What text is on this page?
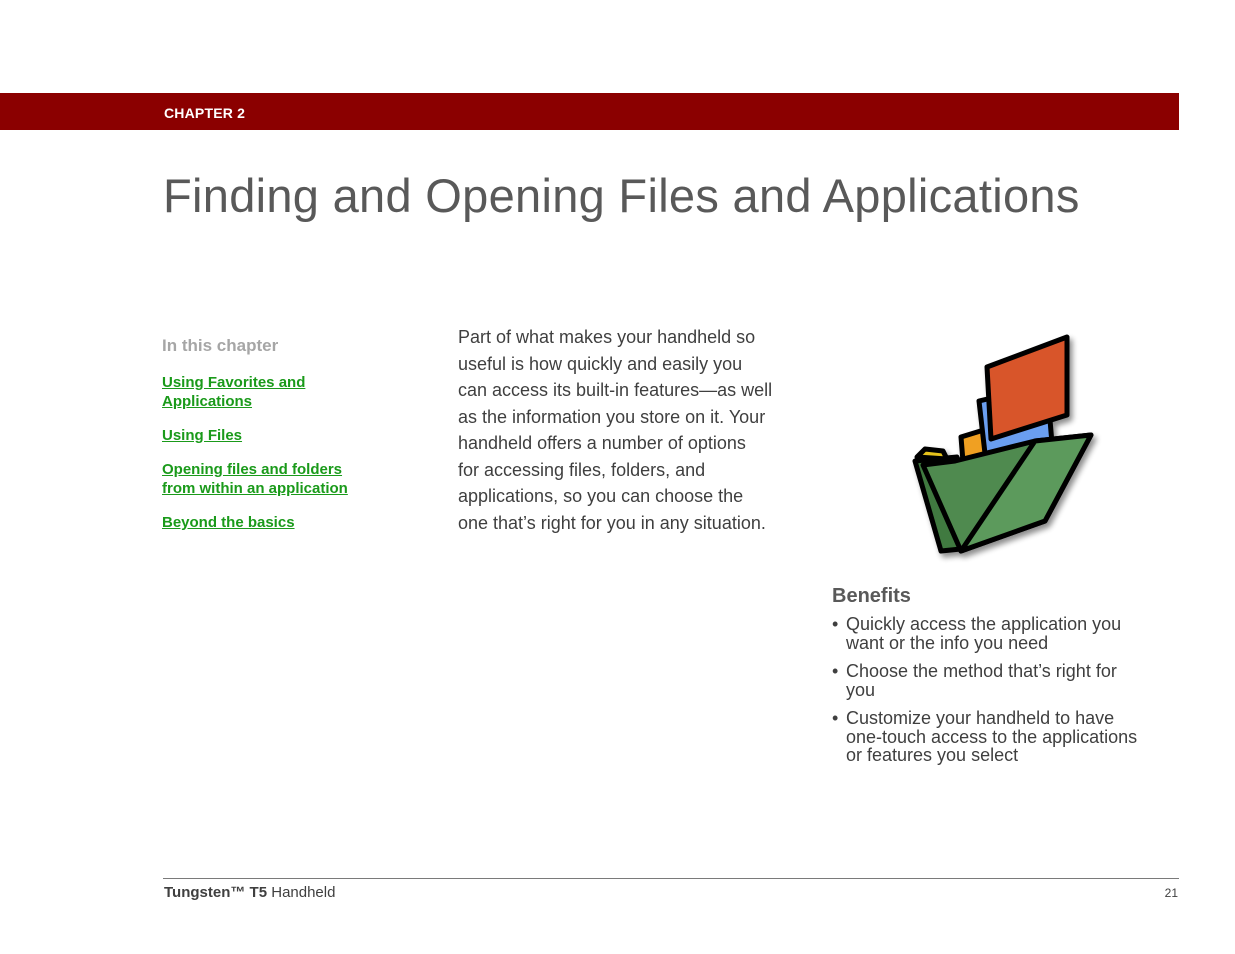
CHAPTER 2
Finding and Opening Files and Applications
In this chapter
Using Favorites and
Applications
Using Files
Opening files and folders
from within an application
Beyond the basics
Part of what makes your handheld so
useful is how quickly and easily you
can access its built-in features—as well
as the information you store on it. Your
handheld offers a number of options
for accessing files, folders, and
applications, so you can choose the
one that’s right for you in any situation.
Benefits
• Quickly access the application you
want or the info you need
• Choose the method that’s right for
you
• Customize your handheld to have
one-touch access to the applications
or features you select
Tungsten™ T5 Handheld	21
